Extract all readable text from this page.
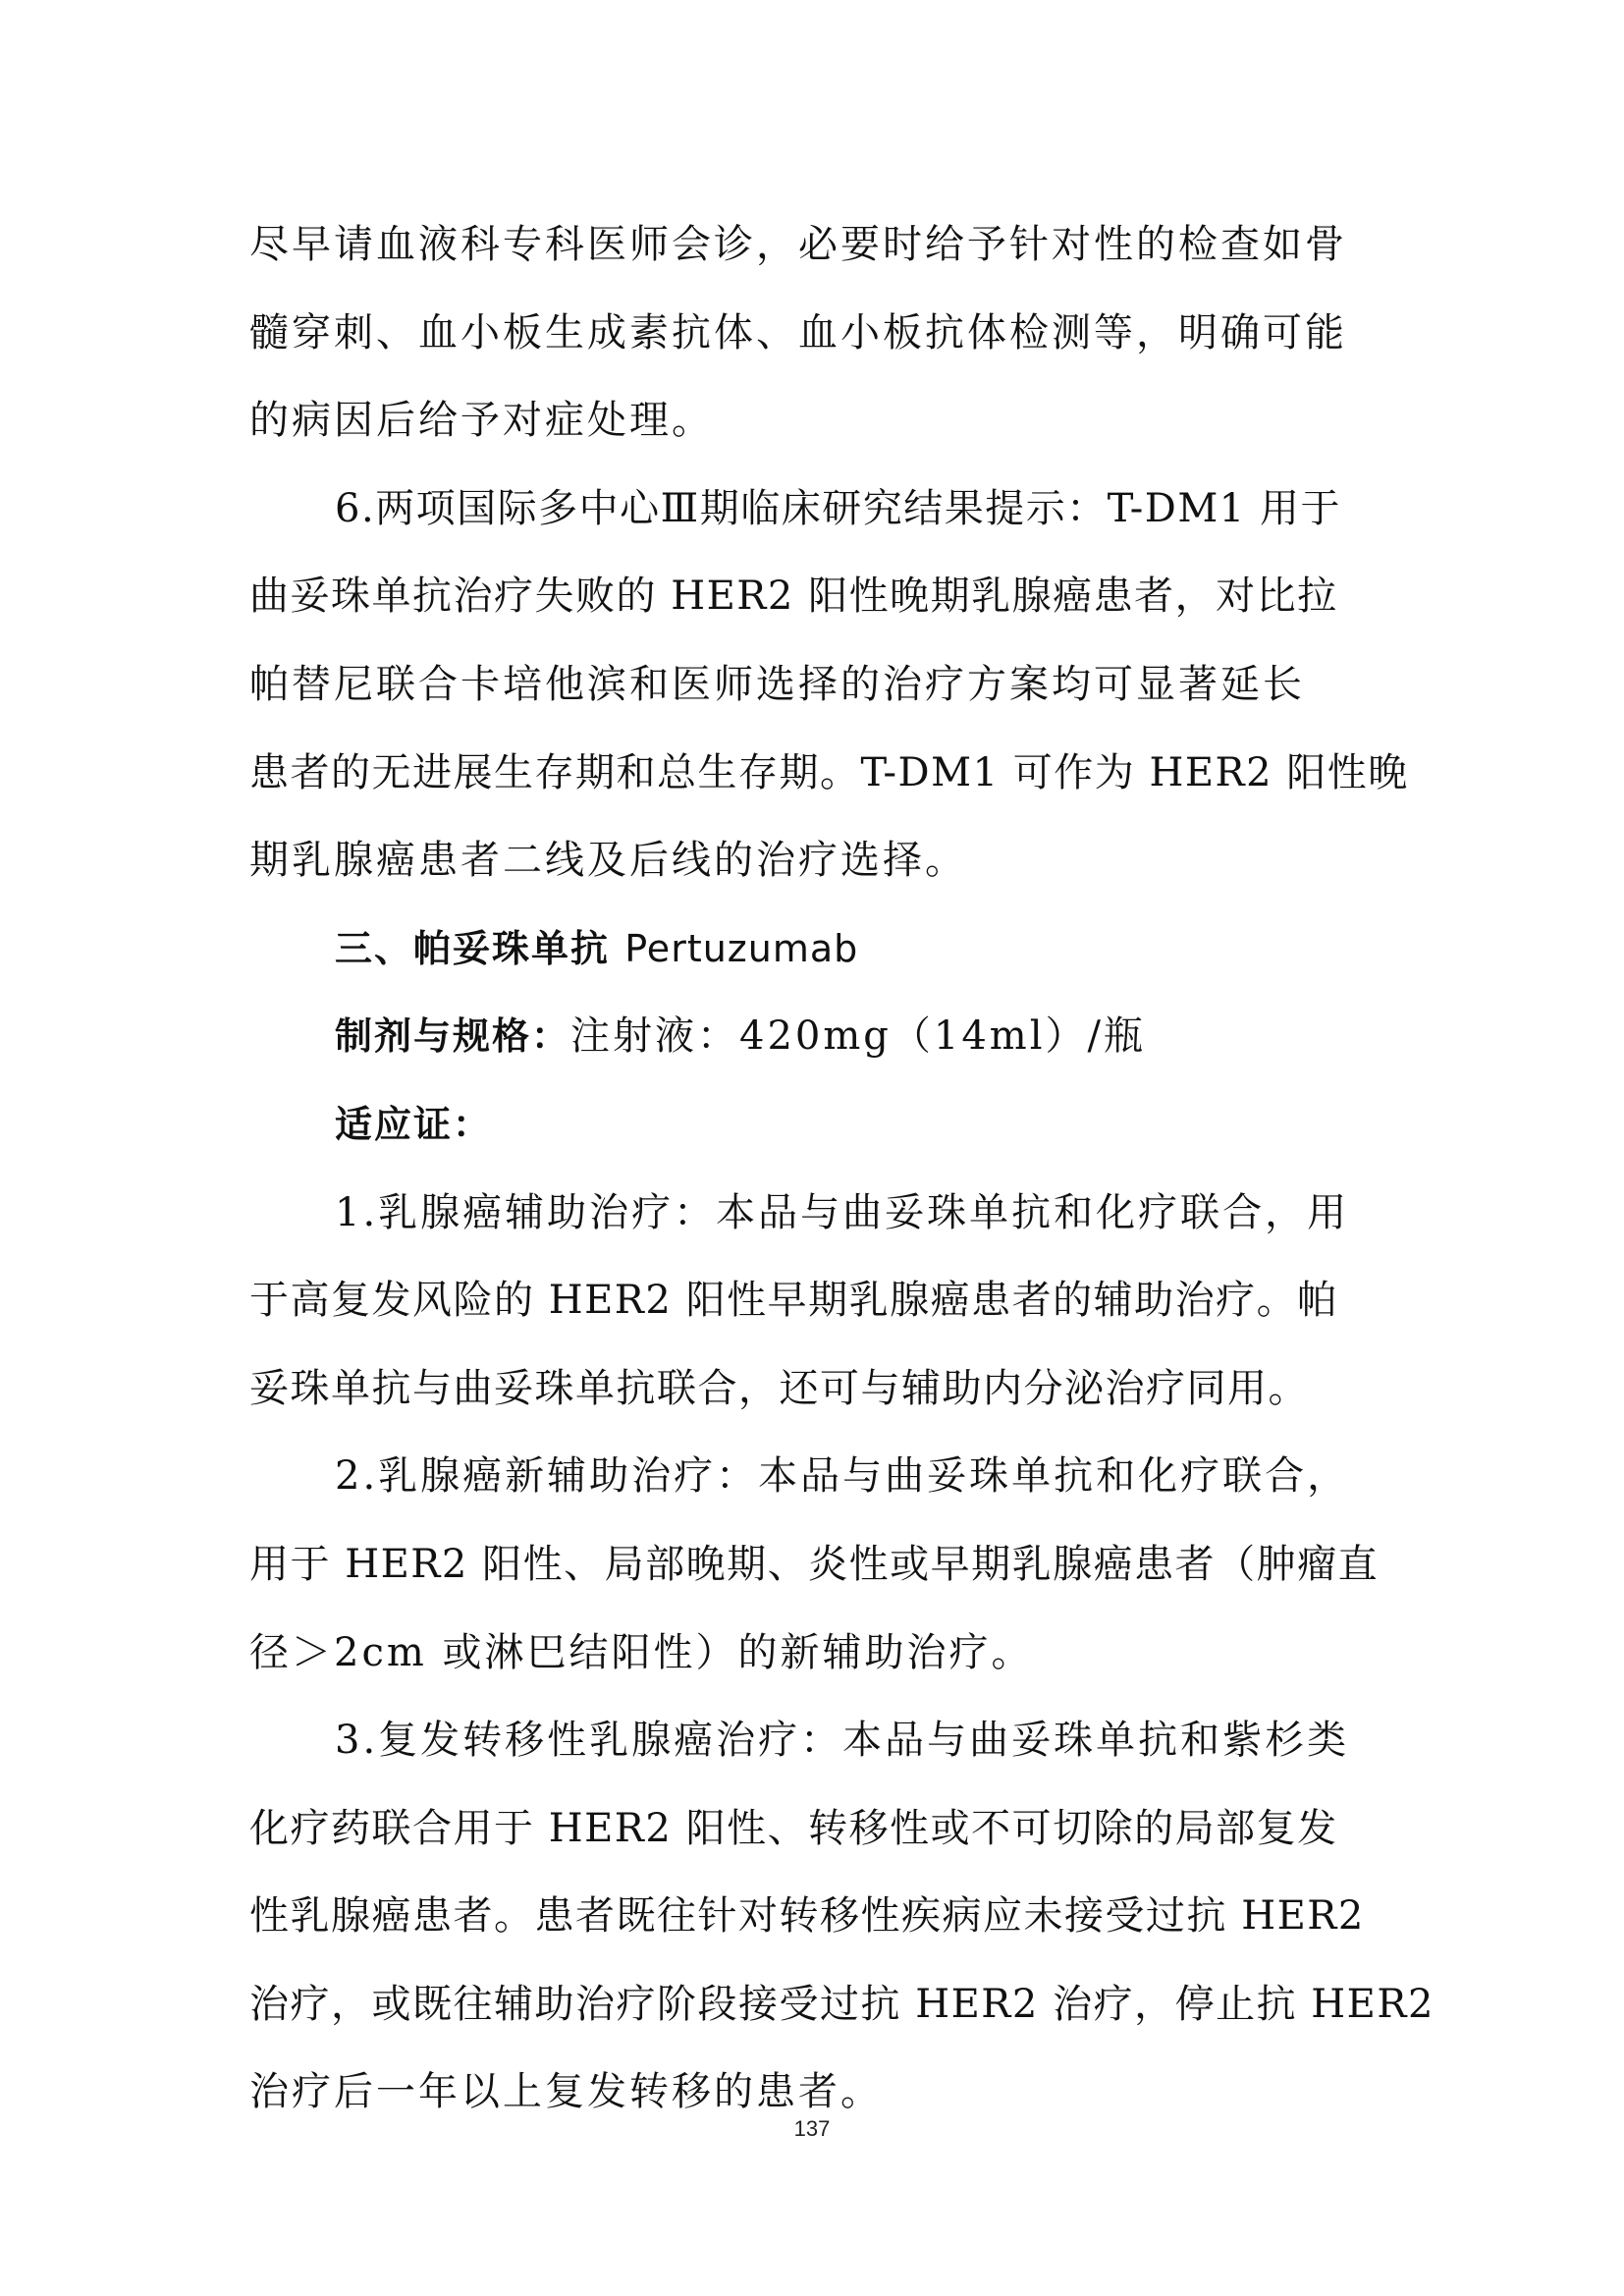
尽早请血液科专科医师会诊，必要时给予针对性的检查如骨
髓穿刺、血小板生成素抗体、血小板抗体检测等，明确可能
的病因后给予对症处理。
6.两项国际多中心Ⅲ期临床研究结果提示：T-DM1 用于
曲妥珠单抗治疗失败的 HER2 阳性晚期乳腺癌患者，对比拉
帕替尼联合卡培他滨和医师选择的治疗方案均可显著延长
患者的无进展生存期和总生存期。T-DM1 可作为 HER2 阳性晚
期乳腺癌患者二线及后线的治疗选择。
三、帕妥珠单抗 Pertuzumab
制剂与规格：注射液：420mg（14ml）/瓶
适应证：
1.乳腺癌辅助治疗：本品与曲妥珠单抗和化疗联合，用
于高复发风险的 HER2 阳性早期乳腺癌患者的辅助治疗。帕
妥珠单抗与曲妥珠单抗联合，还可与辅助内分泌治疗同用。
2.乳腺癌新辅助治疗：本品与曲妥珠单抗和化疗联合，
用于 HER2 阳性、局部晚期、炎性或早期乳腺癌患者（肿瘤直
径＞2cm 或淋巴结阳性）的新辅助治疗。
3.复发转移性乳腺癌治疗：本品与曲妥珠单抗和紫杉类
化疗药联合用于 HER2 阳性、转移性或不可切除的局部复发
性乳腺癌患者。患者既往针对转移性疾病应未接受过抗 HER2
治疗，或既往辅助治疗阶段接受过抗 HER2 治疗，停止抗 HER2
治疗后一年以上复发转移的患者。
137
